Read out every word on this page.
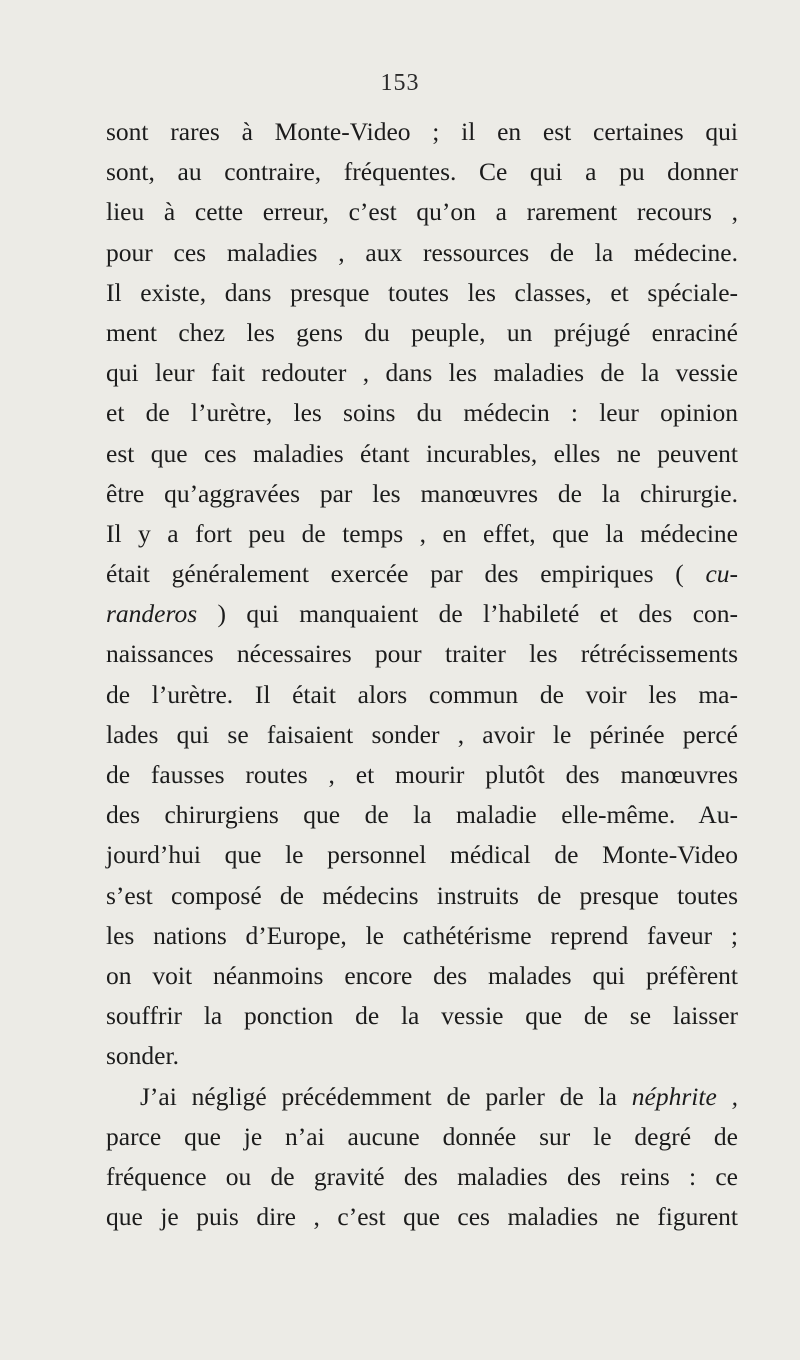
153
sont rares à Monte-Video ; il en est certaines qui
sont, au contraire, fréquentes. Ce qui a pu donner
lieu à cette erreur, c’est qu’on a rarement recours ,
pour ces maladies , aux ressources de la médecine.
Il existe, dans presque toutes les classes, et spéciale-
ment chez les gens du peuple, un préjugé enraciné
qui leur fait redouter , dans les maladies de la vessie
et de l’urètre, les soins du médecin : leur opinion
est que ces maladies étant incurables, elles ne peuvent
être qu’aggravées par les manœuvres de la chirurgie.
Il y a fort peu de temps , en effet, que la médecine
était généralement exercée par des empiriques ( cu-
randeros ) qui manquaient de l’habileté et des con-
naissances nécessaires pour traiter les rétrécissements
de l’urètre. Il était alors commun de voir les ma-
lades qui se faisaient sonder , avoir le périnée percé
de fausses routes , et mourir plutôt des manœuvres
des chirurgiens que de la maladie elle-même. Au-
jourd’hui que le personnel médical de Monte-Video
s’est composé de médecins instruits de presque toutes
les nations d’Europe, le cathétérisme reprend faveur ;
on voit néanmoins encore des malades qui préfèrent
souffrir la ponction de la vessie que de se laisser
sonder.
J’ai négligé précédemment de parler de la néphrite ,
parce que je n’ai aucune donnée sur le degré de
fréquence ou de gravité des maladies des reins : ce
que je puis dire , c’est que ces maladies ne figurent
